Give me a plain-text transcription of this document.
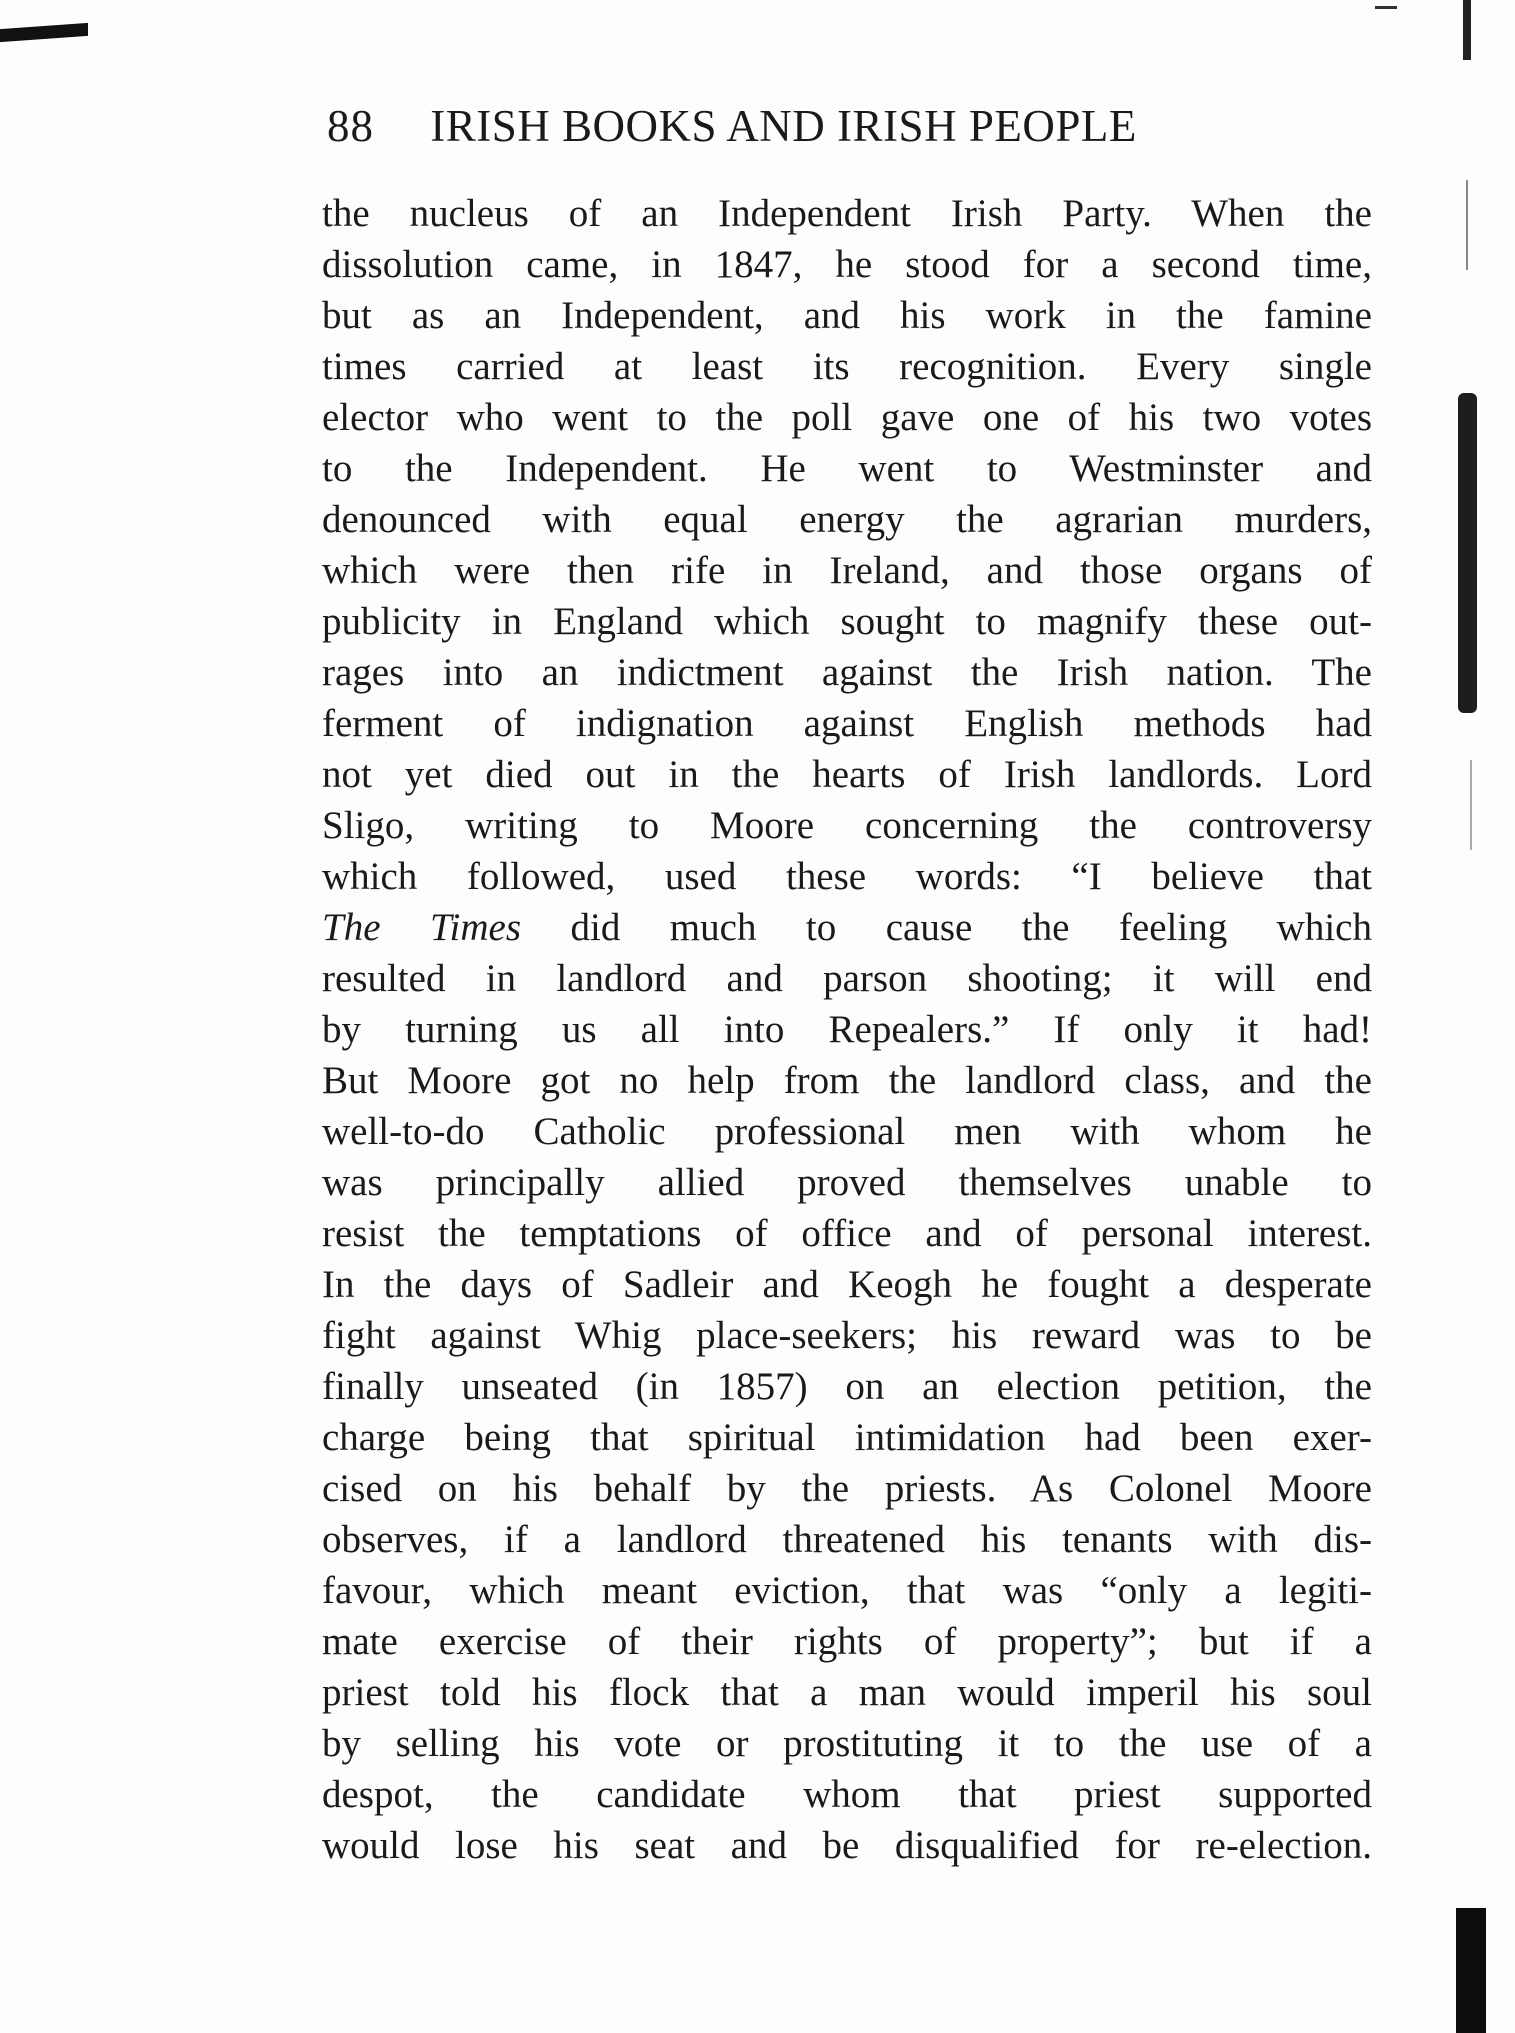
88 IRISH BOOKS AND IRISH PEOPLE
the nucleus of an Independent Irish Party. When the
dissolution came, in 1847, he stood for a second time,
but as an Independent, and his work in the famine
times carried at least its recognition. Every single
elector who went to the poll gave one of his two votes
to the Independent. He went to Westminster and
denounced with equal energy the agrarian murders,
which were then rife in Ireland, and those organs of
publicity in England which sought to magnify these out-
rages into an indictment against the Irish nation. The
ferment of indignation against English methods had
not yet died out in the hearts of Irish landlords. Lord
Sligo, writing to Moore concerning the controversy
which followed, used these words: “I believe that
The Times did much to cause the feeling which
resulted in landlord and parson shooting; it will end
by turning us all into Repealers.” If only it had!
But Moore got no help from the landlord class, and the
well-to-do Catholic professional men with whom he
was principally allied proved themselves unable to
resist the temptations of office and of personal interest.
In the days of Sadleir and Keogh he fought a desperate
fight against Whig place-seekers; his reward was to be
finally unseated (in 1857) on an election petition, the
charge being that spiritual intimidation had been exer-
cised on his behalf by the priests. As Colonel Moore
observes, if a landlord threatened his tenants with dis-
favour, which meant eviction, that was “only a legiti-
mate exercise of their rights of property”; but if a
priest told his flock that a man would imperil his soul
by selling his vote or prostituting it to the use of a
despot, the candidate whom that priest supported
would lose his seat and be disqualified for re-election.
